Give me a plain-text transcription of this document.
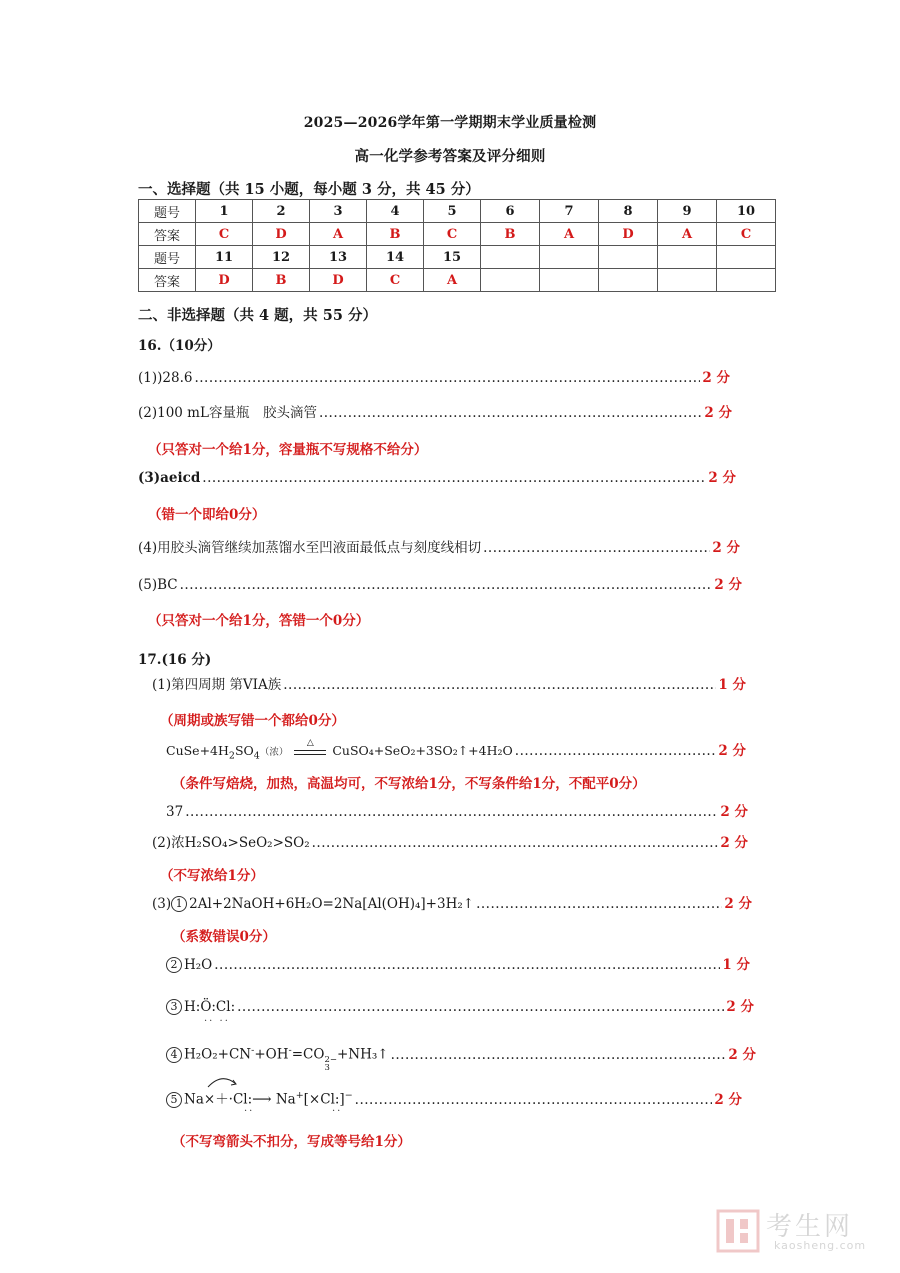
2025—2026学年第一学期期末学业质量检测
高一化学参考答案及评分细则
一、选择题（共 15 小题，每小题 3 分，共 45 分）
题号	1	2	3	4	5	6	7	8	9	10
答案	C	D	A	B	C	B	A	D	A	C
题号	11	12	13	14	15					
答案	D	B	D	C	A					
二、非选择题（共 4 题，共 55 分）
16.（10分）
(1))28.6 .....	2 分
(2)100 mL容量瓶　胶头滴管 .....	2 分
（只答对一个给1分，容量瓶不写规格不给分）
(3)aeicd .....	2 分
（错一个即给0分）
(4)用胶头滴管继续加蒸馏水至凹液面最低点与刻度线相切 .....	2 分
(5)BC .....	2 分
（只答对一个给1分，答错一个0分）
17.(16 分)
(1)第四周期 第VIA族 .....	1 分
（周期或族写错一个都给0分）
$CuSe+4H_2SO_4$（浓）
△	CuSO₄+SeO₂+3SO₂↑+4H₂O .....	2 分
（条件写焙烧，加热，高温均可，不写浓给1分，不写条件给1分，不配平0分）
37 .....	2 分
(2)浓H₂SO₄>SeO₂>SO₂ .....	2 分
（不写浓给1分）
(3) 1 2Al+2NaOH+6H₂O=2Na[Al(OH)₄]+3H₂↑ .....	2 分
（系数错误0分）
2 H₂O .....	1 分
3 H:Ö:Cl: .....	2 分
·· ··
4 H₂O₂+CN-+OH-=CO 2−
3
+NH₃↑ .....	2 分
5 Na×＋·Cl:⟶ Na+[×Cl:]− .....	2 分
··	··
（不写弯箭头不扣分，写成等号给1分）
考生网
kaosheng.com
